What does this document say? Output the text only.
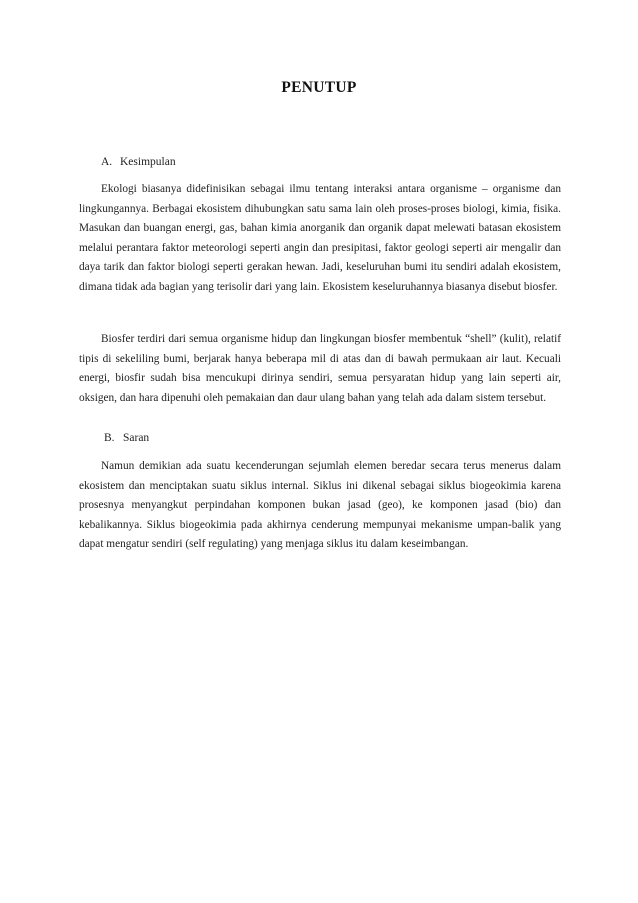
PENUTUP
A. Kesimpulan

Ekologi biasanya didefinisikan sebagai ilmu tentang interaksi antara organisme – organisme dan lingkungannya. Berbagai ekosistem dihubungkan satu sama lain oleh proses-proses biologi, kimia, fisika. Masukan dan buangan energi, gas, bahan kimia anorganik dan organik dapat melewati batasan ekosistem melalui perantara faktor meteorologi seperti angin dan presipitasi, faktor geologi seperti air mengalir dan daya tarik dan faktor biologi seperti gerakan hewan. Jadi, keseluruhan bumi itu sendiri adalah ekosistem, dimana tidak ada bagian yang terisolir dari yang lain. Ekosistem keseluruhannya biasanya disebut biosfer.

Biosfer terdiri dari semua organisme hidup dan lingkungan biosfer membentuk “shell” (kulit), relatif tipis di sekeliling bumi, berjarak hanya beberapa mil di atas dan di bawah permukaan air laut. Kecuali energi, biosfir sudah bisa mencukupi dirinya sendiri, semua persyaratan hidup yang lain seperti air, oksigen, dan hara dipenuhi oleh pemakaian dan daur ulang bahan yang telah ada dalam sistem tersebut.

B. Saran

Namun demikian ada suatu kecenderungan sejumlah elemen beredar secara terus menerus dalam ekosistem dan menciptakan suatu siklus internal. Siklus ini dikenal sebagai siklus biogeokimia karena prosesnya menyangkut perpindahan komponen bukan jasad (geo), ke komponen jasad (bio) dan kebalikannya. Siklus biogeokimia pada akhirnya cenderung mempunyai mekanisme umpan-balik yang dapat mengatur sendiri (self regulating) yang menjaga siklus itu dalam keseimbangan.
